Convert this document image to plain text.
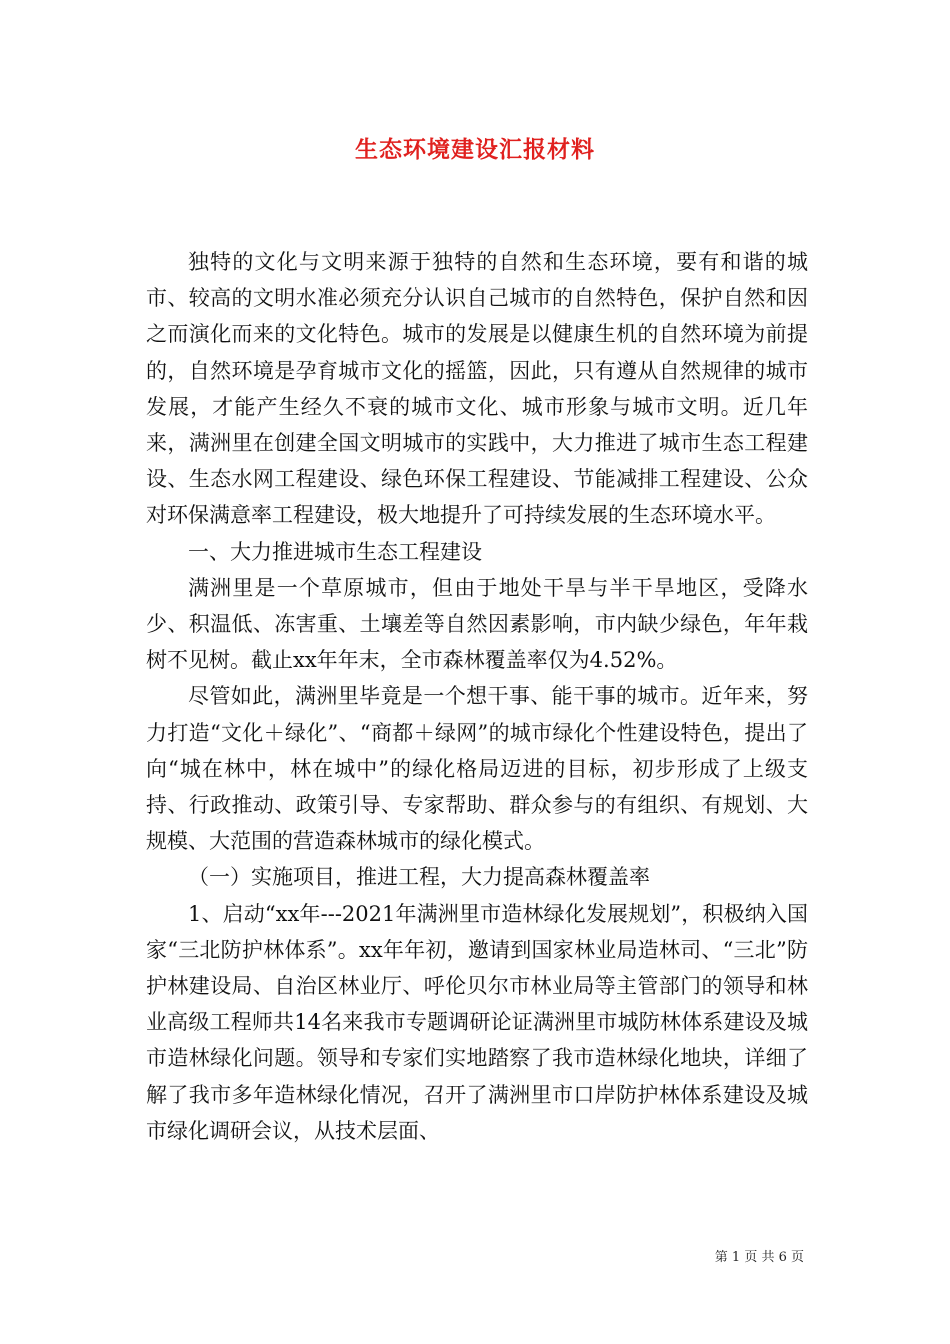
生态环境建设汇报材料

独特的文化与文明来源于独特的自然和生态环境，要有和谐的城市、较高的文明水准必须充分认识自己城市的自然特色，保护自然和因之而演化而来的文化特色。城市的发展是以健康生机的自然环境为前提的，自然环境是孕育城市文化的摇篮，因此，只有遵从自然规律的城市发展，才能产生经久不衰的城市文化、城市形象与城市文明。近几年来，满洲里在创建全国文明城市的实践中，大力推进了城市生态工程建设、生态水网工程建设、绿色环保工程建设、节能减排工程建设、公众对环保满意率工程建设，极大地提升了可持续发展的生态环境水平。

一、大力推进城市生态工程建设

满洲里是一个草原城市，但由于地处干旱与半干旱地区，受降水少、积温低、冻害重、土壤差等自然因素影响，市内缺少绿色，年年栽树不见树。截止xx年年末，全市森林覆盖率仅为4.52%。

尽管如此，满洲里毕竟是一个想干事、能干事的城市。近年来，努力打造“文化＋绿化”、“商都＋绿网”的城市绿化个性建设特色，提出了向“城在林中，林在城中”的绿化格局迈进的目标，初步形成了上级支持、行政推动、政策引导、专家帮助、群众参与的有组织、有规划、大规模、大范围的营造森林城市的绿化模式。

（一）实施项目，推进工程，大力提高森林覆盖率

1、启动“xx年---2021年满洲里市造林绿化发展规划”，积极纳入国家“三北防护林体系”。xx年年初，邀请到国家林业局造林司、“三北”防护林建设局、自治区林业厅、呼伦贝尔市林业局等主管部门的领导和林业高级工程师共14名来我市专题调研论证满洲里市城防林体系建设及城市造林绿化问题。领导和专家们实地踏察了我市造林绿化地块，详细了解了我市多年造林绿化情况，召开了满洲里市口岸防护林体系建设及城市绿化调研会议，从技术层面、

第 1 页 共 6 页
